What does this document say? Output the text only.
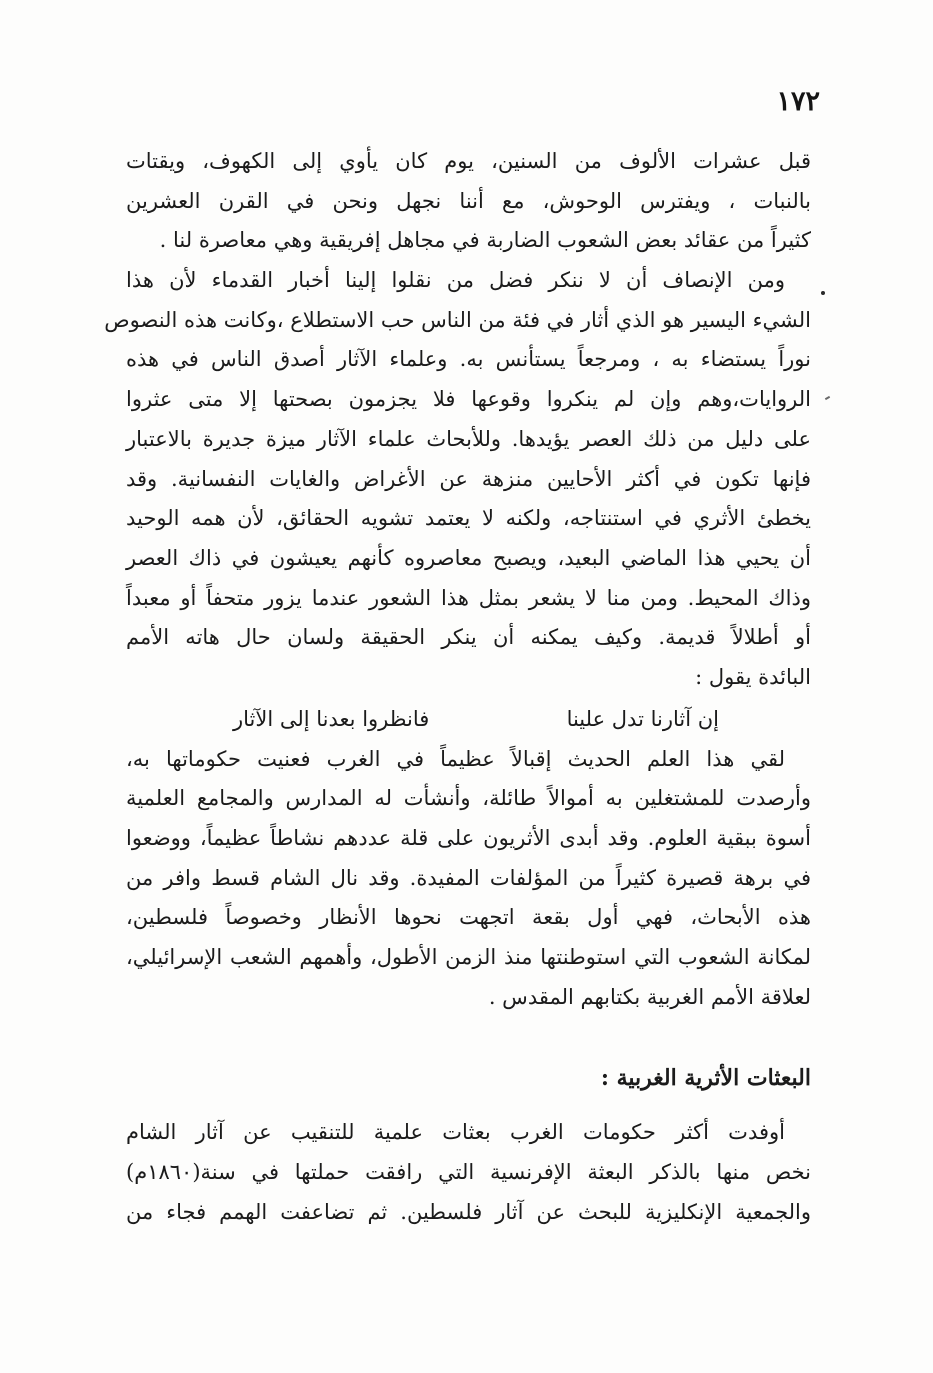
١٧٢
قبل عشرات الألوف من السنين، يوم كان يأوي إلى الكهوف، ويقتات
بالنبات ، ويفترس الوحوش، مع أننا نجهل ونحن في القرن العشرين
كثيراً من عقائد بعض الشعوب الضاربة في مجاهل إفريقية وهي معاصرة لنا .
ومن الإنصاف أن لا ننكر فضل من نقلوا إلينا أخبار القدماء لأن هذا
الشيء اليسير هو الذي أثار في فئة من الناس حب الاستطلاع ،وكانت هذه النصوص
نوراً يستضاء به ، ومرجعاً يستأنس به. وعلماء الآثار أصدق الناس في هذه
الروايات،وهم وإن لم ينكروا وقوعها فلا يجزمون بصحتها إلا متى عثروا
على دليل من ذلك العصر يؤيدها. وللأبحاث علماء الآثار ميزة جديرة بالاعتبار
فإنها تكون في أكثر الأحايين منزهة عن الأغراض والغايات النفسانية. وقد
يخطئ الأثري في استنتاجه، ولكنه لا يعتمد تشويه الحقائق، لأن همه الوحيد
أن يحيي هذا الماضي البعيد، ويصبح معاصروه كأنهم يعيشون في ذاك العصر
وذاك المحيط. ومن منا لا يشعر بمثل هذا الشعور عندما يزور متحفاً أو معبداً
أو أطلالاً قديمة. وكيف يمكنه أن ينكر الحقيقة ولسان حال هاته الأمم
البائدة يقول :
إن آثارنا تدل علينا
فانظروا بعدنا إلى الآثار
لقي هذا العلم الحديث إقبالاً عظيماً في الغرب فعنيت حكوماتها به،
وأرصدت للمشتغلين به أموالاً طائلة، وأنشأت له المدارس والمجامع العلمية
أسوة ببقية العلوم. وقد أبدى الأثريون على قلة عددهم نشاطاً عظيماً، ووضعوا
في برهة قصيرة كثيراً من المؤلفات المفيدة. وقد نال الشام قسط وافر من
هذه الأبحاث، فهي أول بقعة اتجهت نحوها الأنظار وخصوصاً فلسطين،
لمكانة الشعوب التي استوطنتها منذ الزمن الأطول، وأهمهم الشعب الإسرائيلي،
لعلاقة الأمم الغربية بكتابهم المقدس .
البعثات الأثرية الغربية :
أوفدت أكثر حكومات الغرب بعثات علمية للتنقيب عن آثار الشام
نخص منها بالذكر البعثة الإفرنسية التي رافقت حملتها في سنة(١٨٦٠م)
والجمعية الإنكليزية للبحث عن آثار فلسطين. ثم تضاعفت الهمم فجاء من
